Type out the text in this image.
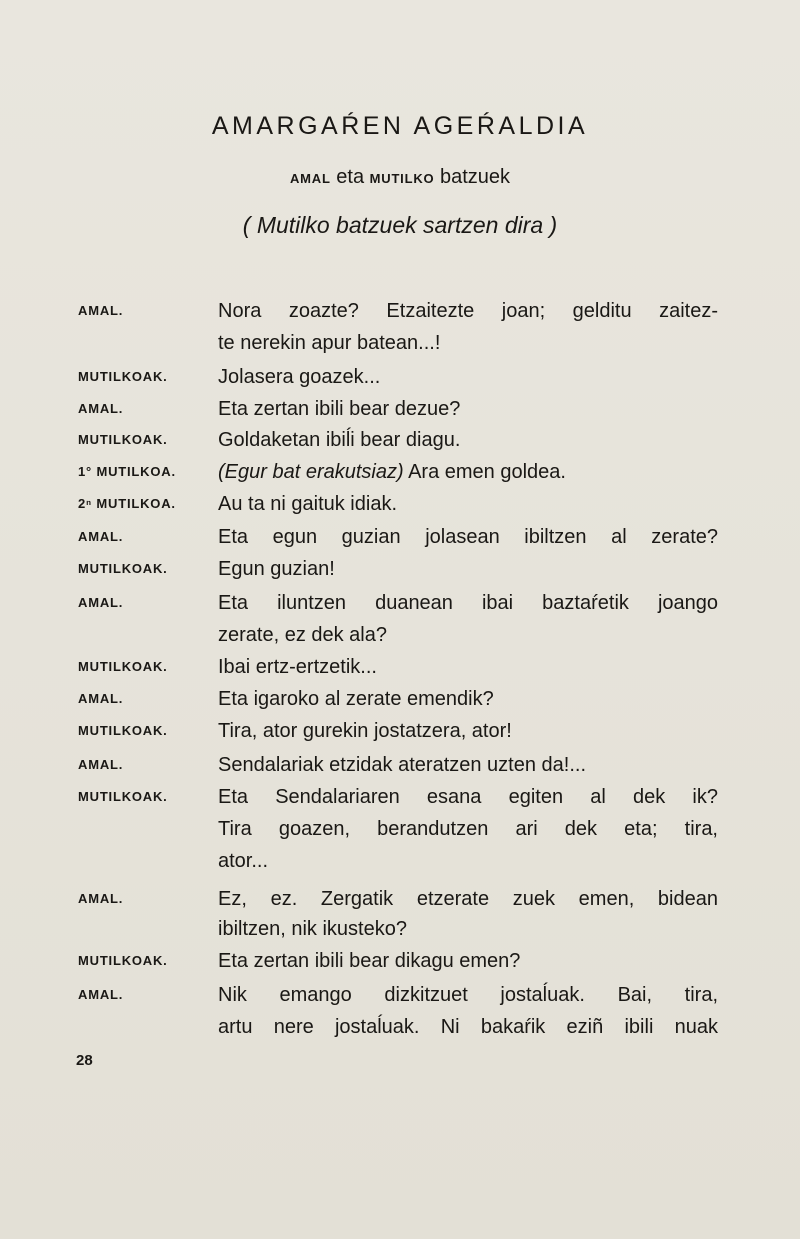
AMARGAŔEN AGEŔALDIA
AMAL eta MUTILKO batzuek
( Mutilko batzuek sartzen dira )
AMAL.	Nora zoazte? Etzaitezte joan; gelditu zaitez-
te nerekin apur batean...!
MUTILKOAK.	Jolasera goazek...
AMAL.	Eta zertan ibili bear dezue?
MUTILKOAK.	Goldaketan ibiĺi bear diagu.
1° MUTILKOA. (Egur bat erakutsiaz) Ara emen goldea.
2ⁿ MUTILKOA. Au ta ni gaituk idiak.
AMAL.	Eta egun guzian jolasean ibiltzen al zerate?
MUTILKOAK.	Egun guzian!
AMAL.	Eta iluntzen duanean ibai baztaŕetik joango
zerate, ez dek ala?
MUTILKOAK.	Ibai ertz-ertzetik...
AMAL.	Eta igaroko al zerate emendik?
MUTILKOAK.	Tira, ator gurekin jostatzera, ator!
AMAL.	Sendalariak etzidak ateratzen uzten da!...
MUTILKOAK.	Eta Sendalariaren esana egiten al dek ik?
Tira goazen, berandutzen ari dek eta; tira,
ator...
AMAL.	Ez, ez. Zergatik etzerate zuek emen, bidean
ibiltzen, nik ikusteko?
MUTILKOAK.	Eta zertan ibili bear dikagu emen?
AMAL.	Nik emango dizkitzuet jostaĺuak. Bai, tira,
artu nere jostaĺuak. Ni bakaŕik eziñ ibili nuak
28
